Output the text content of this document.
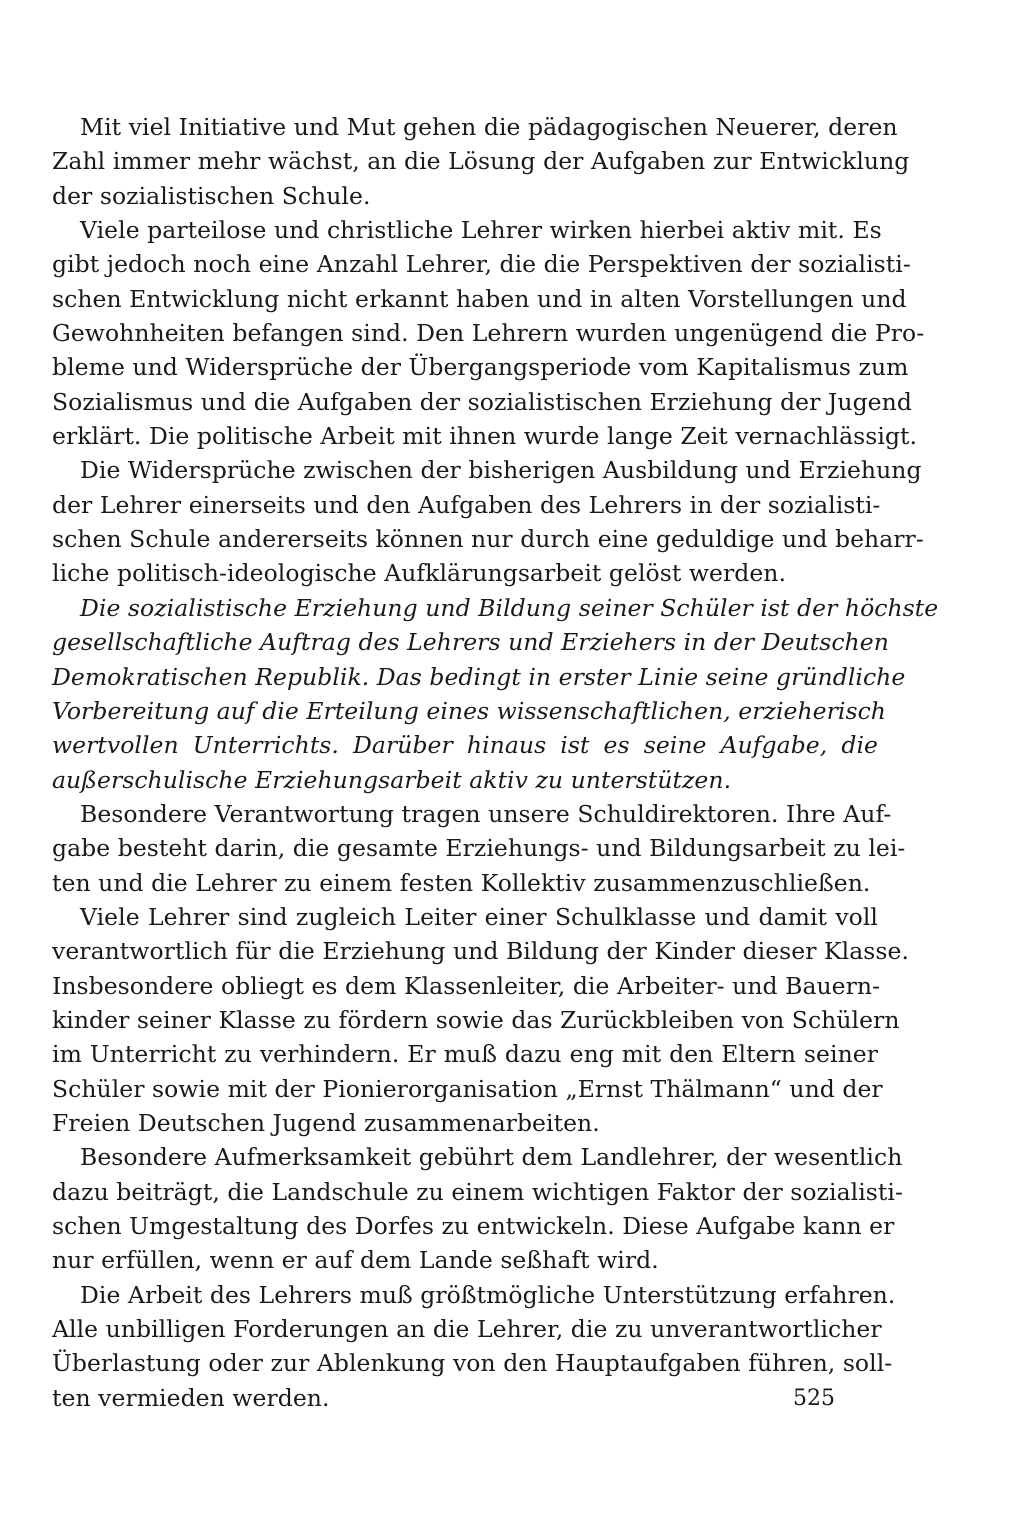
Mit viel Initiative und Mut gehen die pädagogischen Neuerer, deren
Zahl immer mehr wächst, an die Lösung der Aufgaben zur Entwicklung
der sozialistischen Schule.
Viele parteilose und christliche Lehrer wirken hierbei aktiv mit. Es
gibt jedoch noch eine Anzahl Lehrer, die die Perspektiven der sozialisti-
schen Entwicklung nicht erkannt haben und in alten Vorstellungen und
Gewohnheiten befangen sind. Den Lehrern wurden ungenügend die Pro-
bleme und Widersprüche der Übergangsperiode vom Kapitalismus zum
Sozialismus und die Aufgaben der sozialistischen Erziehung der Jugend
erklärt. Die politische Arbeit mit ihnen wurde lange Zeit vernachlässigt.
Die Widersprüche zwischen der bisherigen Ausbildung und Erziehung
der Lehrer einerseits und den Aufgaben des Lehrers in der sozialisti-
schen Schule andererseits können nur durch eine geduldige und beharr-
liche politisch-ideologische Aufklärungsarbeit gelöst werden.
Die sozialistische Erziehung und Bildung seiner Schüler ist der höchste
gesellschaftliche Auftrag des Lehrers und Erziehers in der Deutschen
Demokratischen Republik. Das bedingt in erster Linie seine gründliche
Vorbereitung auf die Erteilung eines wissenschaftlichen, erzieherisch
wertvollen Unterrichts. Darüber hinaus ist es seine Aufgabe, die
außerschulische Erziehungsarbeit aktiv zu unterstützen.
Besondere Verantwortung tragen unsere Schuldirektoren. Ihre Auf-
gabe besteht darin, die gesamte Erziehungs- und Bildungsarbeit zu lei-
ten und die Lehrer zu einem festen Kollektiv zusammenzuschließen.
Viele Lehrer sind zugleich Leiter einer Schulklasse und damit voll
verantwortlich für die Erziehung und Bildung der Kinder dieser Klasse.
Insbesondere obliegt es dem Klassenleiter, die Arbeiter- und Bauern-
kinder seiner Klasse zu fördern sowie das Zurückbleiben von Schülern
im Unterricht zu verhindern. Er muß dazu eng mit den Eltern seiner
Schüler sowie mit der Pionierorganisation „Ernst Thälmann“ und der
Freien Deutschen Jugend zusammenarbeiten.
Besondere Aufmerksamkeit gebührt dem Landlehrer, der wesentlich
dazu beiträgt, die Landschule zu einem wichtigen Faktor der sozialisti-
schen Umgestaltung des Dorfes zu entwickeln. Diese Aufgabe kann er
nur erfüllen, wenn er auf dem Lande seßhaft wird.
Die Arbeit des Lehrers muß größtmögliche Unterstützung erfahren.
Alle unbilligen Forderungen an die Lehrer, die zu unverantwortlicher
Überlastung oder zur Ablenkung von den Hauptaufgaben führen, soll-
ten vermieden werden.	525
